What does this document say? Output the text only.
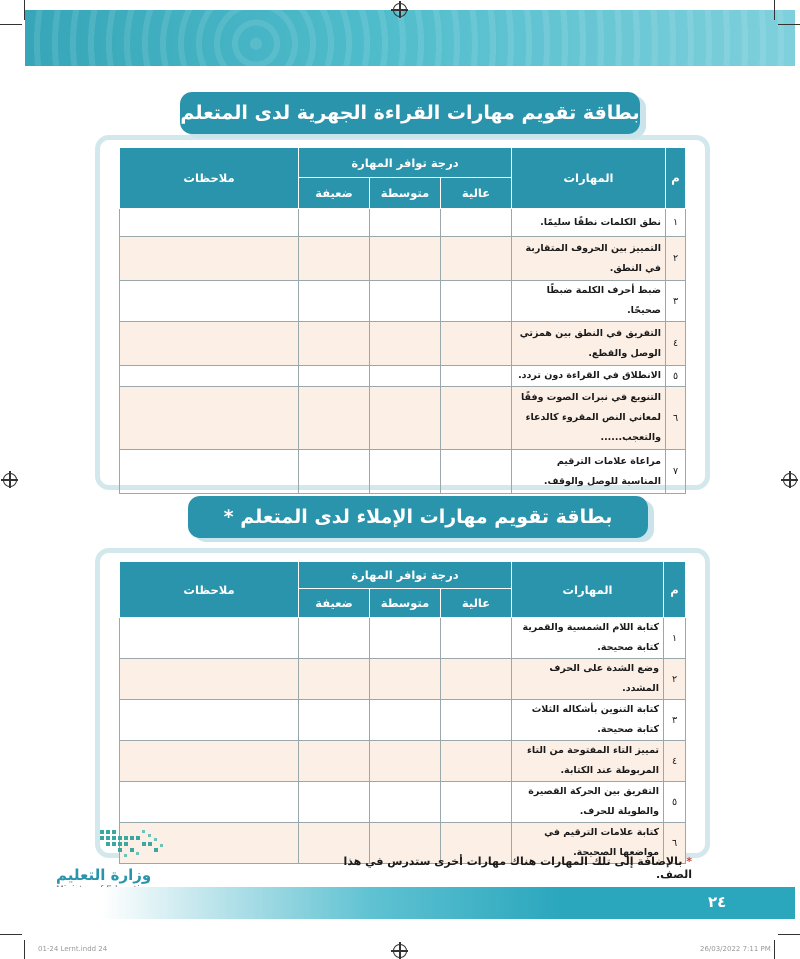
بطاقة تقويم مهارات القراءة الجهرية لدى المتعلم
م	المهارات	درجة توافر المهارة			ملاحظات
		عالية	متوسطة	ضعيفة	
١	نطق الكلمات نطقًا سليمًا.				
٢	التمييز بين الحروف المتقاربة في النطق.				
٣	ضبط أحرف الكلمة ضبطًا صحيحًا.				
٤	التفريق في النطق بين همزتي الوصل والقطع.				
٥	الانطلاق في القراءة دون تردد.				
٦	التنويع في نبرات الصوت وفقًا لمعاني النص المقروء كالدعاء والتعجب......				
٧	مراعاة علامات الترقيم المناسبة للوصل والوقف.				
بطاقة تقويم مهارات الإملاء لدى المتعلم *
م	المهارات	درجة توافر المهارة			ملاحظات
		عالية	متوسطة	ضعيفة	
١	كتابة اللام الشمسية والقمرية كتابة صحيحة.				
٢	وضع الشدة على الحرف المشدد.				
٣	كتابة التنوين بأشكاله الثلاث كتابة صحيحة.				
٤	تمييز التاء المفتوحة من التاء المربوطة عند الكتابة.				
٥	التفريق بين الحركة القصيرة والطويلة للحرف.				
٦	كتابة علامات الترقيم في مواضعها الصحيحة.				
* بالإضافة إلى تلك المهارات هناك مهارات أخرى ستدرس في هذا الصف.
وزارة التعليم
٢٤
01-24 Lernt.indd 24	26/03/2022 7:11 PM
